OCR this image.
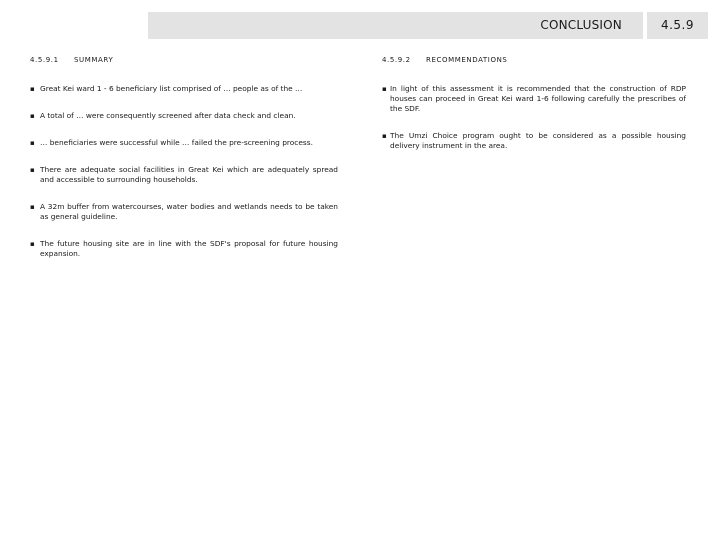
CONCLUSION	4.5.9
4.5.9.1	SUMMARY
▪ Great Kei ward 1 - 6 beneficiary list comprised of … people as of the …
▪ A total of … were consequently screened after data check and clean.
▪ … beneficiaries were successful while … failed the pre-screening process.
▪ There are adequate social facilities in Great Kei which are adequately spread and accessible to surrounding households.
▪ A 32m buffer from watercourses, water bodies and wetlands needs to be taken as general guideline.
▪ The future housing site are in line with the SDF's proposal for future housing expansion.
4.5.9.2	RECOMMENDATIONS
▪ In light of this assessment it is recommended that the construction of RDP houses can proceed in Great Kei ward 1-6 following carefully the prescribes of the SDF.
▪ The Umzi Choice program ought to be considered as a possible housing delivery instrument in the area.
